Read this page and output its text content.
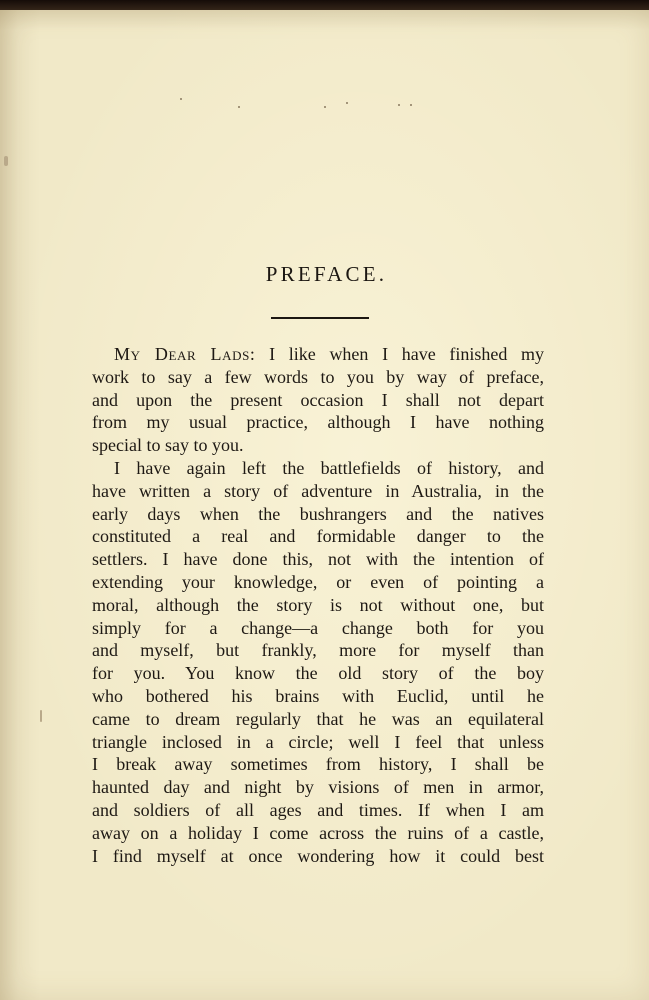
PREFACE.
My Dear Lads: I like when I have finished my
work to say a few words to you by way of preface,
and upon the present occasion I shall not depart
from my usual practice, although I have nothing
special to say to you.
I have again left the battlefields of history, and
have written a story of adventure in Australia, in the
early days when the bushrangers and the natives
constituted a real and formidable danger to the
settlers. I have done this, not with the intention of
extending your knowledge, or even of pointing a
moral, although the story is not without one, but
simply for a change—a change both for you
and myself, but frankly, more for myself than
for you. You know the old story of the boy
who bothered his brains with Euclid, until he
came to dream regularly that he was an equilateral
triangle inclosed in a circle; well I feel that unless
I break away sometimes from history, I shall be
haunted day and night by visions of men in armor,
and soldiers of all ages and times. If when I am
away on a holiday I come across the ruins of a castle,
I find myself at once wondering how it could best
